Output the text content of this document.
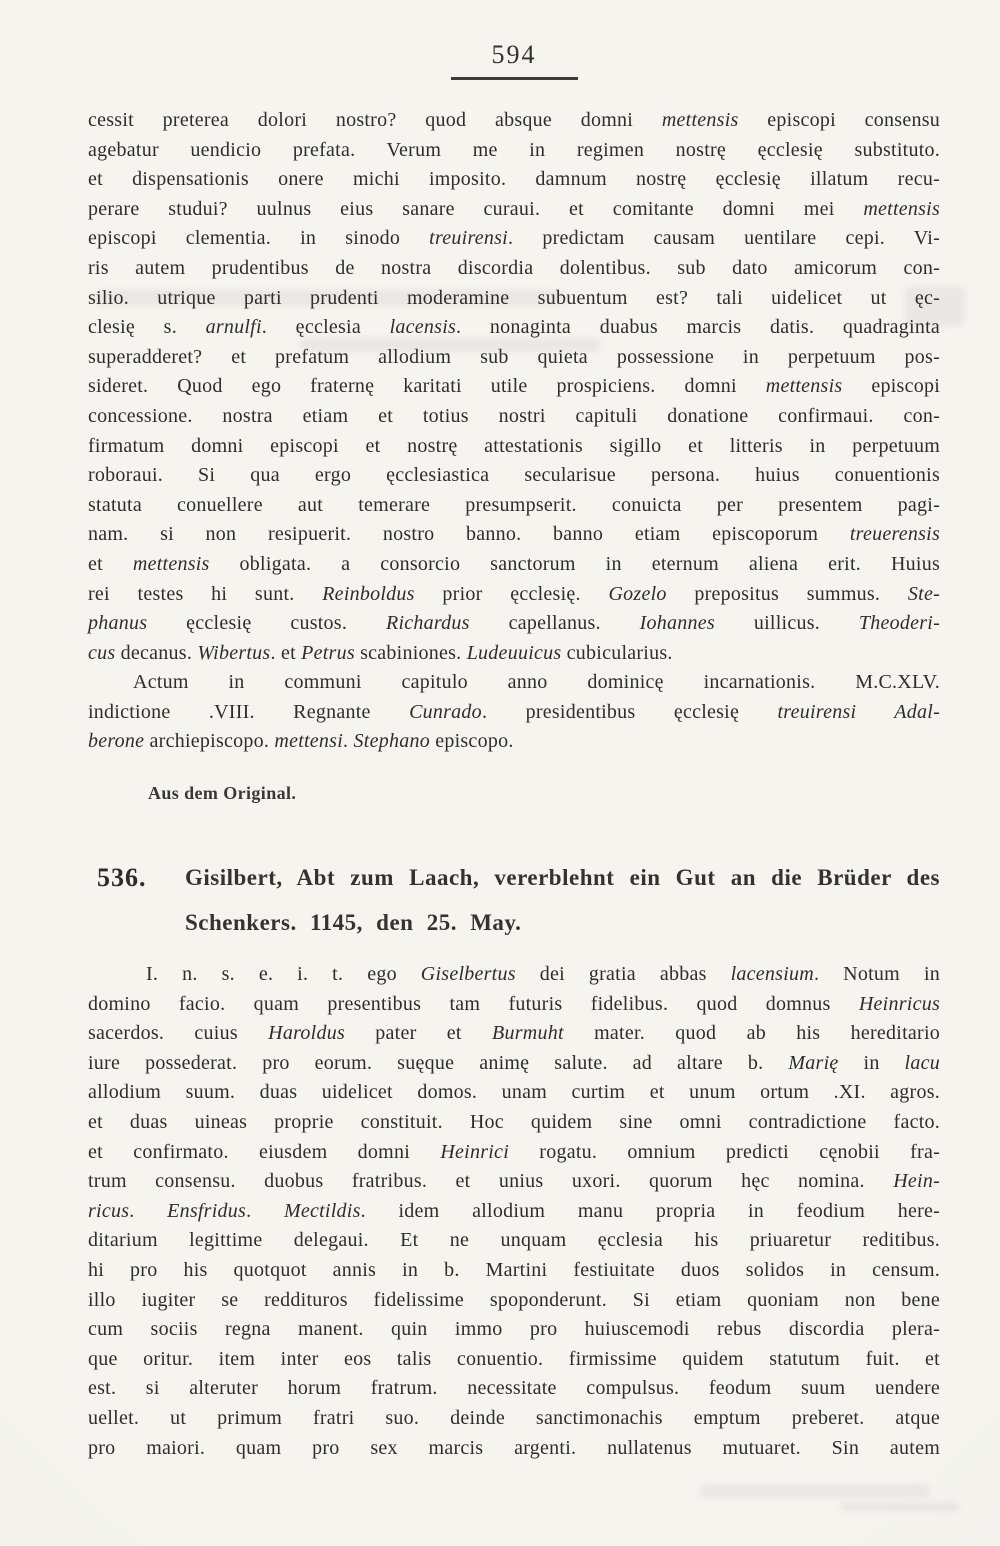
594
cessit preterea dolori nostro? quod absque domni mettensis episcopi consensu
agebatur uendicio prefata. Verum me in regimen nostrę ęcclesię substituto.
et dispensationis onere michi imposito. damnum nostrę ęcclesię illatum recu-
perare studui? uulnus eius sanare curaui. et comitante domni mei mettensis
episcopi clementia. in sinodo treuirensi. predictam causam uentilare cepi. Vi-
ris autem prudentibus de nostra discordia dolentibus. sub dato amicorum con-
silio. utrique parti prudenti moderamine subuentum est? tali uidelicet ut ęc-
clesię s. arnulfi. ęcclesia lacensis. nonaginta duabus marcis datis. quadraginta
superadderet? et prefatum allodium sub quieta possessione in perpetuum pos-
sideret. Quod ego fraternę karitati utile prospiciens. domni mettensis episcopi
concessione. nostra etiam et totius nostri capituli donatione confirmaui. con-
firmatum domni episcopi et nostrę attestationis sigillo et litteris in perpetuum
roboraui. Si qua ergo ęcclesiastica secularisue persona. huius conuentionis
statuta conuellere aut temerare presumpserit. conuicta per presentem pagi-
nam. si non resipuerit. nostro banno. banno etiam episcoporum treuerensis
et mettensis obligata. a consorcio sanctorum in eternum aliena erit. Huius
rei testes hi sunt. Reinboldus prior ęcclesię. Gozelo prepositus summus. Ste-
phanus ęcclesię custos. Richardus capellanus. Iohannes uillicus. Theoderi-
cus decanus. Wibertus. et Petrus scabiniones. Ludeuuicus cubicularius.
Actum in communi capitulo anno dominicę incarnationis. M.C.XLV.
indictione .VIII. Regnante Cunrado. presidentibus ęcclesię treuirensi Adal-
berone archiepiscopo. mettensi. Stephano episcopo.
Aus dem Original.
536.	Gisilbert, Abt zum Laach, vererblehnt ein Gut an die Brüder des
Schenkers. 1145, den 25. May.
I. n. s. e. i. t. ego Giselbertus dei gratia abbas lacensium. Notum in
domino facio. quam presentibus tam futuris fidelibus. quod domnus Heinricus
sacerdos. cuius Haroldus pater et Burmuht mater. quod ab his hereditario
iure possederat. pro eorum. suęque animę salute. ad altare b. Marię in lacu
allodium suum. duas uidelicet domos. unam curtim et unum ortum .XI. agros.
et duas uineas proprie constituit. Hoc quidem sine omni contradictione facto.
et confirmato. eiusdem domni Heinrici rogatu. omnium predicti cęnobii fra-
trum consensu. duobus fratribus. et unius uxori. quorum hęc nomina. Hein-
ricus. Ensfridus. Mectildis. idem allodium manu propria in feodium here-
ditarium legittime delegaui. Et ne unquam ęcclesia his priuaretur reditibus.
hi pro his quotquot annis in b. Martini festiuitate duos solidos in censum.
illo iugiter se reddituros fidelissime spoponderunt. Si etiam quoniam non bene
cum sociis regna manent. quin immo pro huiuscemodi rebus discordia plera-
que oritur. item inter eos talis conuentio. firmissime quidem statutum fuit. et
est. si alteruter horum fratrum. necessitate compulsus. feodum suum uendere
uellet. ut primum fratri suo. deinde sanctimonachis emptum preberet. atque
pro maiori. quam pro sex marcis argenti. nullatenus mutuaret. Sin autem
